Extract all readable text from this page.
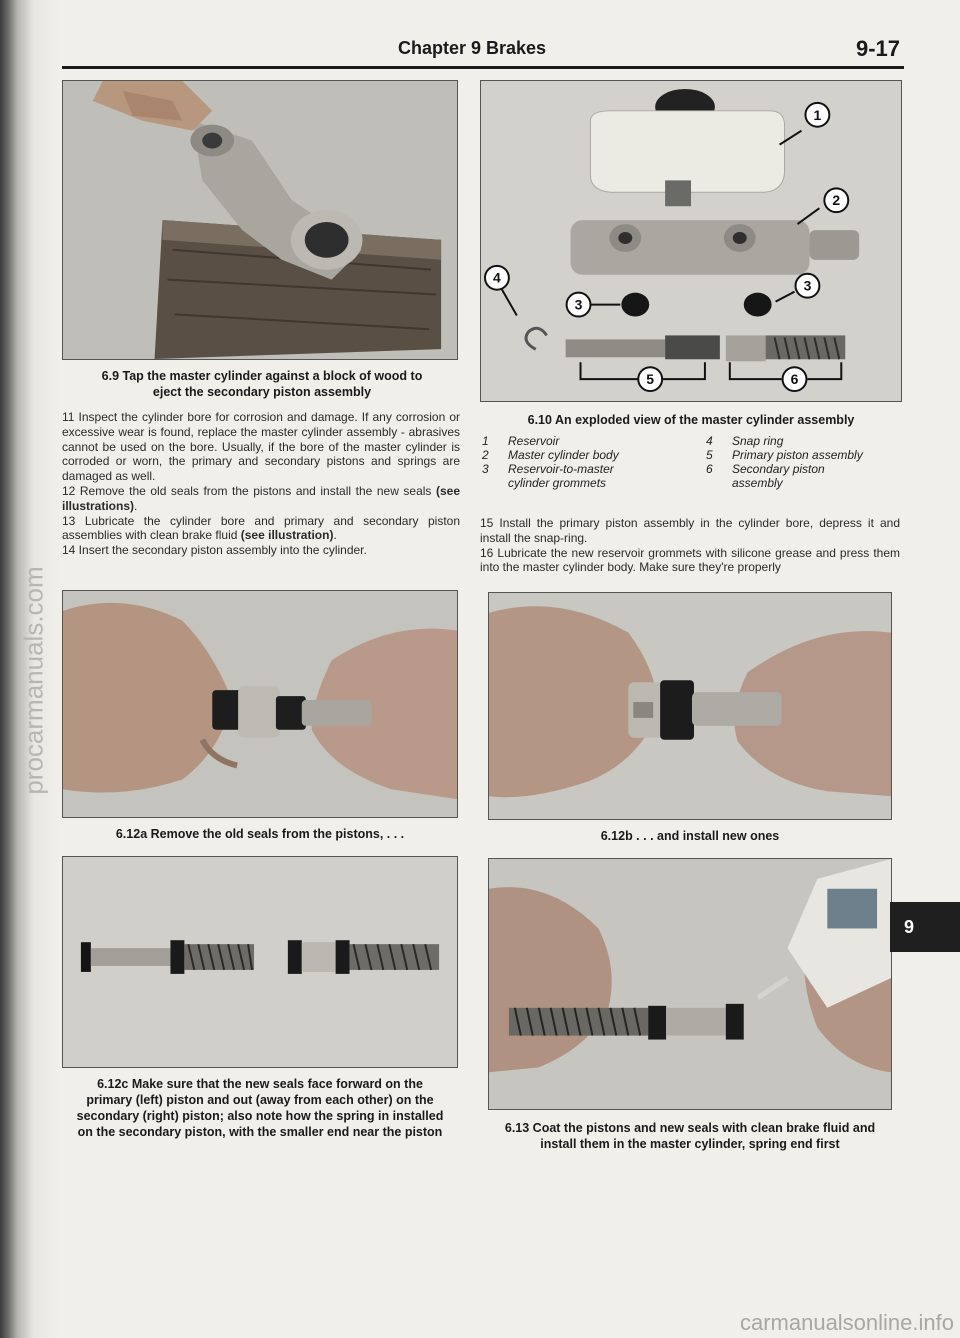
procarmanuals.com
Chapter 9 Brakes	9-17
6.9 Tap the master cylinder against a block of wood to eject the secondary piston assembly

11 Inspect the cylinder bore for corrosion and damage. If any corrosion or excessive wear is found, replace the master cylinder assembly - abrasives cannot be used on the bore. Usually, if the bore of the master cylinder is corroded or worn, the primary and secondary pistons and springs are damaged as well.

12 Remove the old seals from the pistons and install the new seals (see illustrations).

13 Lubricate the cylinder bore and primary and secondary piston assemblies with clean brake fluid (see illustration).

14 Insert the secondary piston assembly into the cylinder.

1
2
3
3
4
5	6
6.10 An exploded view of the master cylinder assembly
1	Reservoir
2	Master cylinder body
3	Reservoir-to-master cylinder grommets
4	Snap ring
5	Primary piston assembly
6	Secondary piston assembly

15 Install the primary piston assembly in the cylinder bore, depress it and install the snap-ring.

16 Lubricate the new reservoir grommets with silicone grease and press them into the master cylinder body. Make sure they're properly

6.12a Remove the old seals from the pistons, . . .	6.12b . . . and install new ones
6.12c Make sure that the new seals face forward on the primary (left) piston and out (away from each other) on the secondary (right) piston; also note how the spring in installed on the secondary piston, with the smaller end near the piston	6.13 Coat the pistons and new seals with clean brake fluid and install them in the master cylinder, spring end first
9
carmanualsonline.info
